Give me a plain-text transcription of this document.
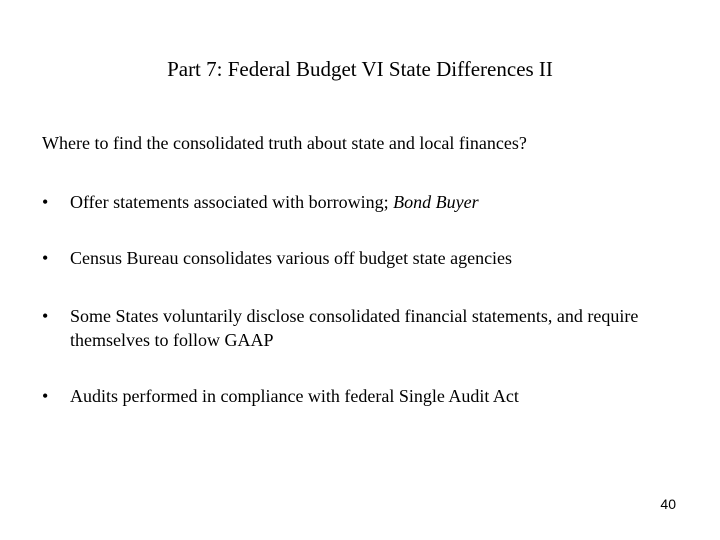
Part 7: Federal Budget VI State Differences II
Where to find the consolidated truth about state and local finances?
•	Offer statements associated with borrowing; Bond Buyer
•	Census Bureau consolidates various off budget state agencies
•	Some States voluntarily disclose consolidated financial statements, and require themselves to follow GAAP
•	Audits performed in compliance with federal Single Audit Act
40
